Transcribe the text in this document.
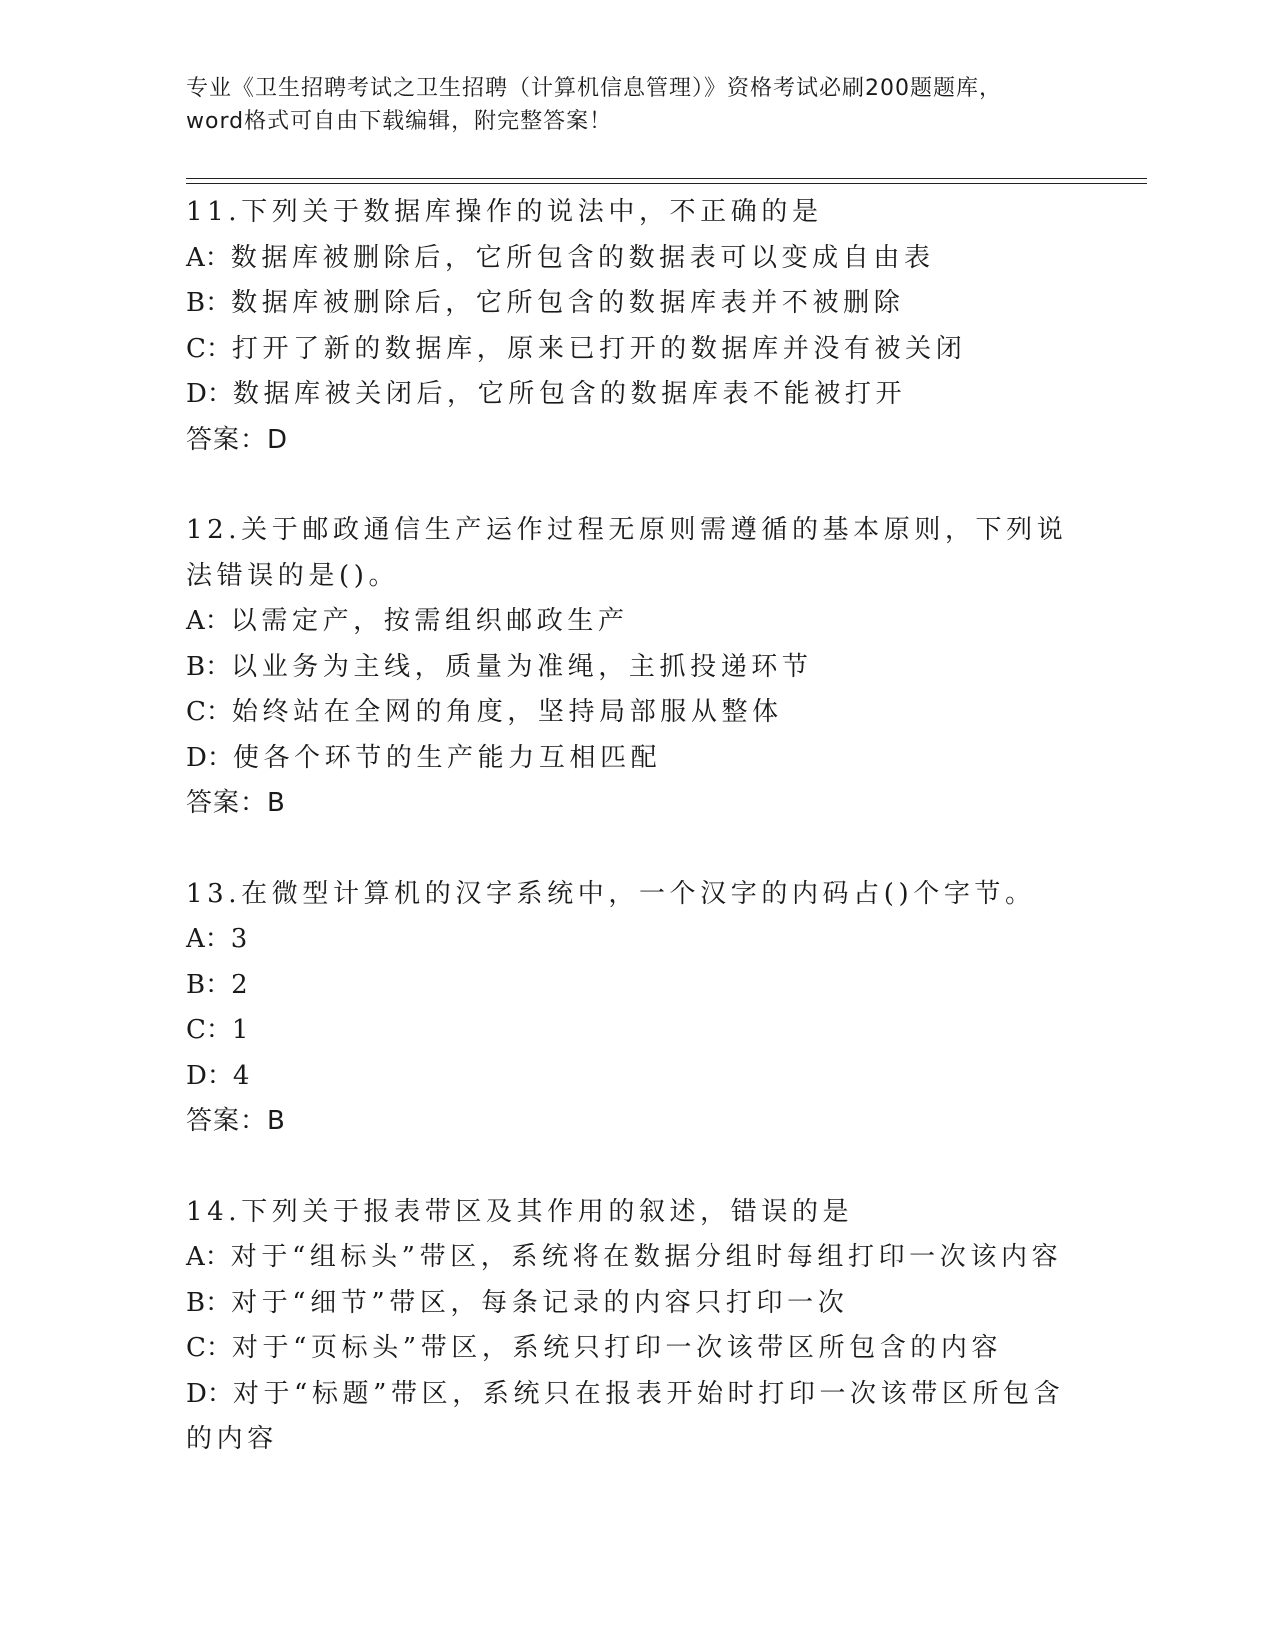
专业《卫生招聘考试之卫生招聘（计算机信息管理）》资格考试必刷200题题库，
word格式可自由下载编辑，附完整答案！

11.下列关于数据库操作的说法中，不正确的是

A：数据库被删除后，它所包含的数据表可以变成自由表

B：数据库被删除后，它所包含的数据库表并不被删除

C：打开了新的数据库，原来已打开的数据库并没有被关闭

D：数据库被关闭后，它所包含的数据库表不能被打开

答案：D

12.关于邮政通信生产运作过程无原则需遵循的基本原则，下列说法错误的是()。

A：以需定产，按需组织邮政生产

B：以业务为主线，质量为准绳，主抓投递环节

C：始终站在全网的角度，坚持局部服从整体

D：使各个环节的生产能力互相匹配

答案：B

13.在微型计算机的汉字系统中，一个汉字的内码占()个字节。

A：3

B：2

C：1

D：4

答案：B

14.下列关于报表带区及其作用的叙述，错误的是

A：对于“组标头”带区，系统将在数据分组时每组打印一次该内容

B：对于“细节”带区，每条记录的内容只打印一次

C：对于“页标头”带区，系统只打印一次该带区所包含的内容

D：对于“标题”带区，系统只在报表开始时打印一次该带区所包含的内容
